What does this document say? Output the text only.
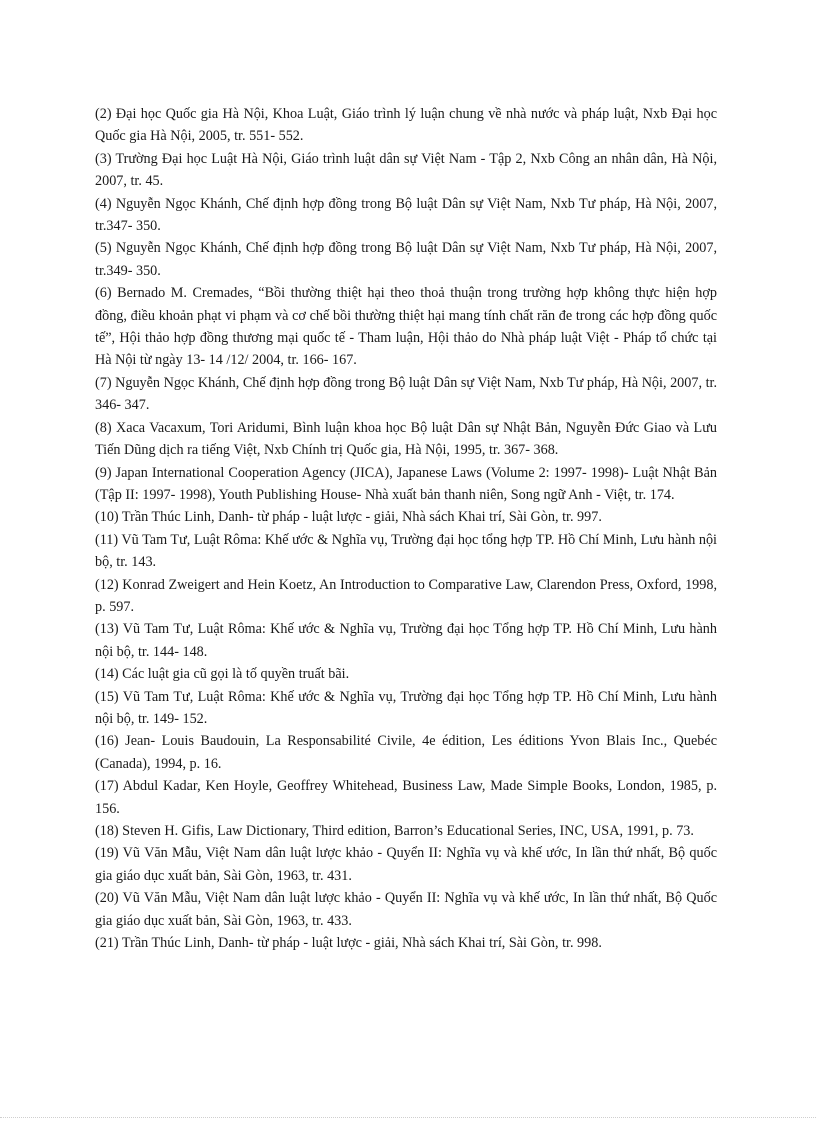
(2) Đại học Quốc gia Hà Nội, Khoa Luật, Giáo trình lý luận chung về nhà nước và pháp luật, Nxb Đại học Quốc gia Hà Nội, 2005, tr. 551- 552.

(3) Trường Đại học Luật Hà Nội, Giáo trình luật dân sự Việt Nam - Tập 2, Nxb Công an nhân dân, Hà Nội, 2007, tr. 45.

(4) Nguyễn Ngọc Khánh, Chế định hợp đồng trong Bộ luật Dân sự Việt Nam, Nxb Tư pháp, Hà Nội, 2007, tr.347- 350.

(5) Nguyễn Ngọc Khánh, Chế định hợp đồng trong Bộ luật Dân sự Việt Nam, Nxb Tư pháp, Hà Nội, 2007, tr.349- 350.

(6) Bernado M. Cremades, “Bồi thường thiệt hại theo thoả thuận trong trường hợp không thực hiện hợp đồng, điều khoản phạt vi phạm và cơ chế bồi thường thiệt hại mang tính chất răn đe trong các hợp đồng quốc tế”, Hội thảo hợp đồng thương mại quốc tế - Tham luận, Hội thảo do Nhà pháp luật Việt - Pháp tổ chức tại Hà Nội từ ngày 13- 14 /12/ 2004, tr. 166- 167.

(7) Nguyễn Ngọc Khánh, Chế định hợp đồng trong Bộ luật Dân sự Việt Nam, Nxb Tư pháp, Hà Nội, 2007, tr. 346- 347.

(8) Xaca Vacaxum, Tori Aridumi, Bình luận khoa học Bộ luật Dân sự Nhật Bản, Nguyễn Đức Giao và Lưu Tiến Dũng dịch ra tiếng Việt, Nxb Chính trị Quốc gia, Hà Nội, 1995, tr. 367- 368.

(9) Japan International Cooperation Agency (JICA), Japanese Laws (Volume 2: 1997- 1998)- Luật Nhật Bản (Tập II: 1997- 1998), Youth Publishing House- Nhà xuất bản thanh niên, Song ngữ Anh - Việt, tr. 174.

(10) Trần Thúc Linh, Danh- từ pháp - luật lược - giải, Nhà sách Khai trí, Sài Gòn, tr. 997.

(11) Vũ Tam Tư, Luật Rôma: Khế ước & Nghĩa vụ, Trường đại học tổng hợp TP. Hồ Chí Minh, Lưu hành nội bộ, tr. 143.

(12) Konrad Zweigert and Hein Koetz, An Introduction to Comparative Law, Clarendon Press, Oxford, 1998, p. 597.

(13) Vũ Tam Tư, Luật Rôma: Khế ước & Nghĩa vụ, Trường đại học Tổng hợp TP. Hồ Chí Minh, Lưu hành nội bộ, tr. 144- 148.

(14) Các luật gia cũ gọi là tố quyền truất bãi.

(15) Vũ Tam Tư, Luật Rôma: Khế ước & Nghĩa vụ, Trường đại học Tổng hợp TP. Hồ Chí Minh, Lưu hành nội bộ, tr. 149- 152.

(16) Jean- Louis Baudouin, La Responsabilité Civile, 4e édition, Les éditions Yvon Blais Inc., Quebéc (Canada), 1994, p. 16.

(17) Abdul Kadar, Ken Hoyle, Geoffrey Whitehead, Business Law, Made Simple Books, London, 1985, p. 156.

(18) Steven H. Gifis, Law Dictionary, Third edition, Barron’s Educational Series, INC, USA, 1991, p. 73.

(19) Vũ Văn Mẫu, Việt Nam dân luật lược khảo - Quyển II: Nghĩa vụ và khế ước, In lần thứ nhất, Bộ quốc gia giáo dục xuất bản, Sài Gòn, 1963, tr. 431.

(20) Vũ Văn Mẫu, Việt Nam dân luật lược khảo - Quyển II: Nghĩa vụ và khế ước, In lần thứ nhất, Bộ Quốc gia giáo dục xuất bản, Sài Gòn, 1963, tr. 433.

(21) Trần Thúc Linh, Danh- từ pháp - luật lược - giải, Nhà sách Khai trí, Sài Gòn, tr. 998.
